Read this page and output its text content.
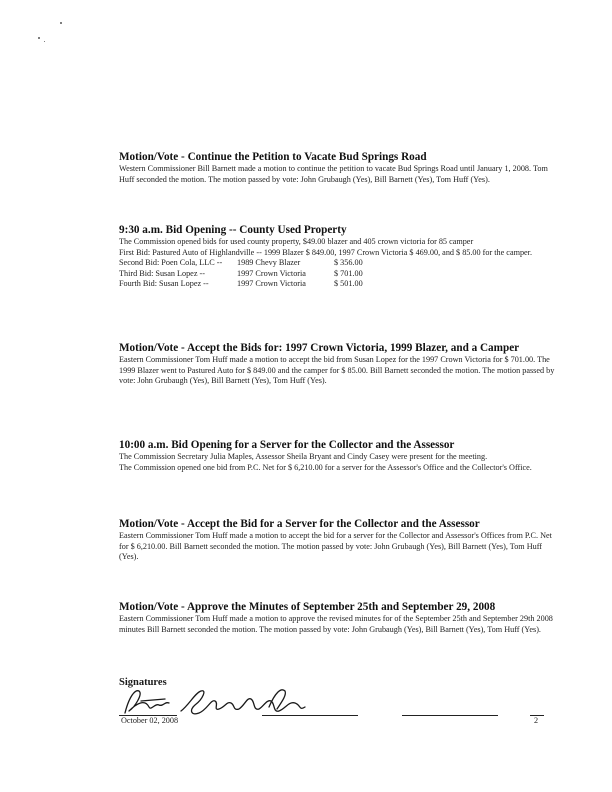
Motion/Vote - Continue the Petition to Vacate Bud Springs Road

Western Commissioner Bill Barnett made a motion to continue the petition to vacate Bud Springs Road until January 1, 2008. Tom Huff seconded the motion. The motion passed by vote: John Grubaugh (Yes), Bill Barnett (Yes), Tom Huff (Yes).

9:30 a.m. Bid Opening -- County Used Property

The Commission opened bids for used county property, $49.00 blazer and 405 crown victoria for 85 camper

First Bid: Pastured Auto of Highlandville -- 1999 Blazer $ 849.00, 1997 Crown Victoria $ 469.00, and $ 85.00 for the camper.

Second Bid: Poen Cola, LLC --	1989 Chevy Blazer	$ 356.00
Third Bid: Susan Lopez --	1997 Crown Victoria	$ 701.00
Fourth Bid: Susan Lopez --	1997 Crown Victoria	$ 501.00

Motion/Vote - Accept the Bids for: 1997 Crown Victoria, 1999 Blazer, and a Camper

Eastern Commissioner Tom Huff made a motion to accept the bid from Susan Lopez for the 1997 Crown Victoria for $ 701.00. The 1999 Blazer went to Pastured Auto for $ 849.00 and the camper for $ 85.00. Bill Barnett seconded the motion. The motion passed by vote: John Grubaugh (Yes), Bill Barnett (Yes), Tom Huff (Yes).

10:00 a.m. Bid Opening for a Server for the Collector and the Assessor

The Commission Secretary Julia Maples, Assessor Sheila Bryant and Cindy Casey were present for the meeting.

The Commission opened one bid from P.C. Net for $ 6,210.00 for a server for the Assessor's Office and the Collector's Office.

Motion/Vote - Accept the Bid for a Server for the Collector and the Assessor

Eastern Commissioner Tom Huff made a motion to accept the bid for a server for the Collector and Assessor's Offices from P.C. Net for $ 6,210.00. Bill Barnett seconded the motion. The motion passed by vote: John Grubaugh (Yes), Bill Barnett (Yes), Tom Huff (Yes).

Motion/Vote - Approve the Minutes of September 25th and September 29, 2008

Eastern Commissioner Tom Huff made a motion to approve the revised minutes for of the September 25th and September 29th 2008 minutes Bill Barnett seconded the motion. The motion passed by vote: John Grubaugh (Yes), Bill Barnett (Yes), Tom Huff (Yes).

Signatures
October 02, 2008	2
